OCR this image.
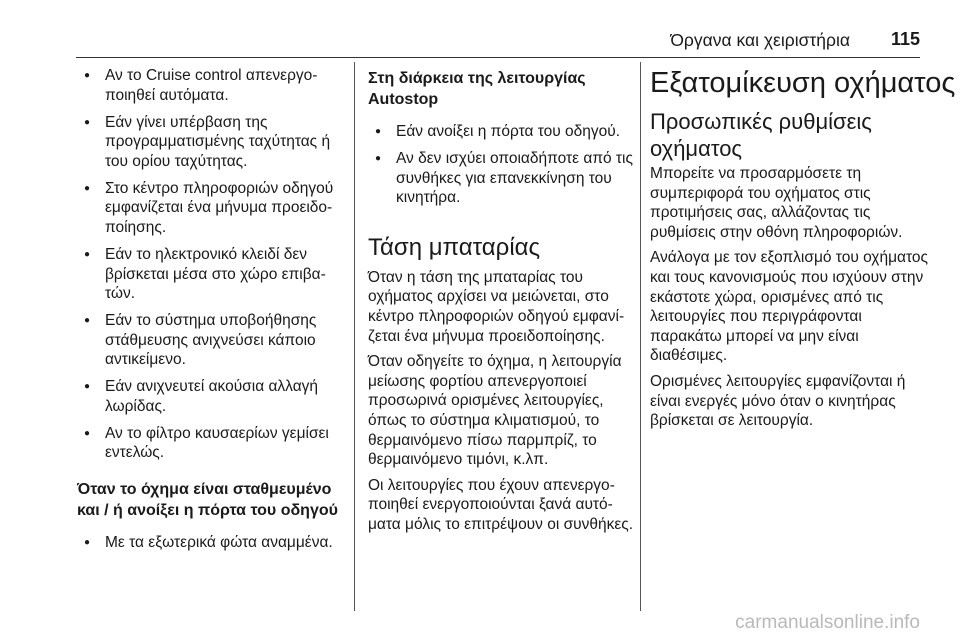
Όργανα και χειριστήρια 115
● Αν το Cruise control απενεργοποιηθεί αυτόματα.
● Εάν γίνει υπέρβαση της προγραμματισμένης ταχύτητας ή του ορίου ταχύτητας.
● Στο κέντρο πληροφοριών οδηγού εμφανίζεται ένα μήνυμα προειδοποίησης.
● Εάν το ηλεκτρονικό κλειδί δεν βρίσκεται μέσα στο χώρο επιβατών.
● Εάν το σύστημα υποβοήθησης στάθμευσης ανιχνεύσει κάποιο αντικείμενο.
● Εάν ανιχνευτεί ακούσια αλλαγή λωρίδας.
● Αν το φίλτρο καυσαερίων γεμίσει εντελώς.
Όταν το όχημα είναι σταθμευμένο και / ή ανοίξει η πόρτα του οδηγού
● Με τα εξωτερικά φώτα αναμμένα.
Στη διάρκεια της λειτουργίας Autostop
● Εάν ανοίξει η πόρτα του οδηγού.
● Αν δεν ισχύει οποιαδήποτε από τις συνθήκες για επανεκκίνηση του κινητήρα.
Τάση μπαταρίας

Όταν η τάση της μπαταρίας του οχήματος αρχίσει να μειώνεται, στο κέντρο πληροφοριών οδηγού εμφανίζεται ένα μήνυμα προειδοποίησης.

Όταν οδηγείτε το όχημα, η λειτουργία μείωσης φορτίου απενεργοποιεί προσωρινά ορισμένες λειτουργίες, όπως το σύστημα κλιματισμού, το θερμαινόμενο πίσω παρμπρίζ, το θερμαινόμενο τιμόνι, κ.λπ.

Οι λειτουργίες που έχουν απενεργοποιηθεί ενεργοποιούνται ξανά αυτόματα μόλις το επιτρέψουν οι συνθήκες.

Εξατομίκευση οχήματος
Προσωπικές ρυθμίσεις οχήματος

Μπορείτε να προσαρμόσετε τη συμπεριφορά του οχήματος στις προτιμήσεις σας, αλλάζοντας τις ρυθμίσεις στην οθόνη πληροφοριών.

Ανάλογα με τον εξοπλισμό του οχήματος και τους κανονισμούς που ισχύουν στην εκάστοτε χώρα, ορισμένες από τις λειτουργίες που περιγράφονται παρακάτω μπορεί να μην είναι διαθέσιμες.

Ορισμένες λειτουργίες εμφανίζονται ή είναι ενεργές μόνο όταν ο κινητήρας βρίσκεται σε λειτουργία.

carmanualsonline.info
